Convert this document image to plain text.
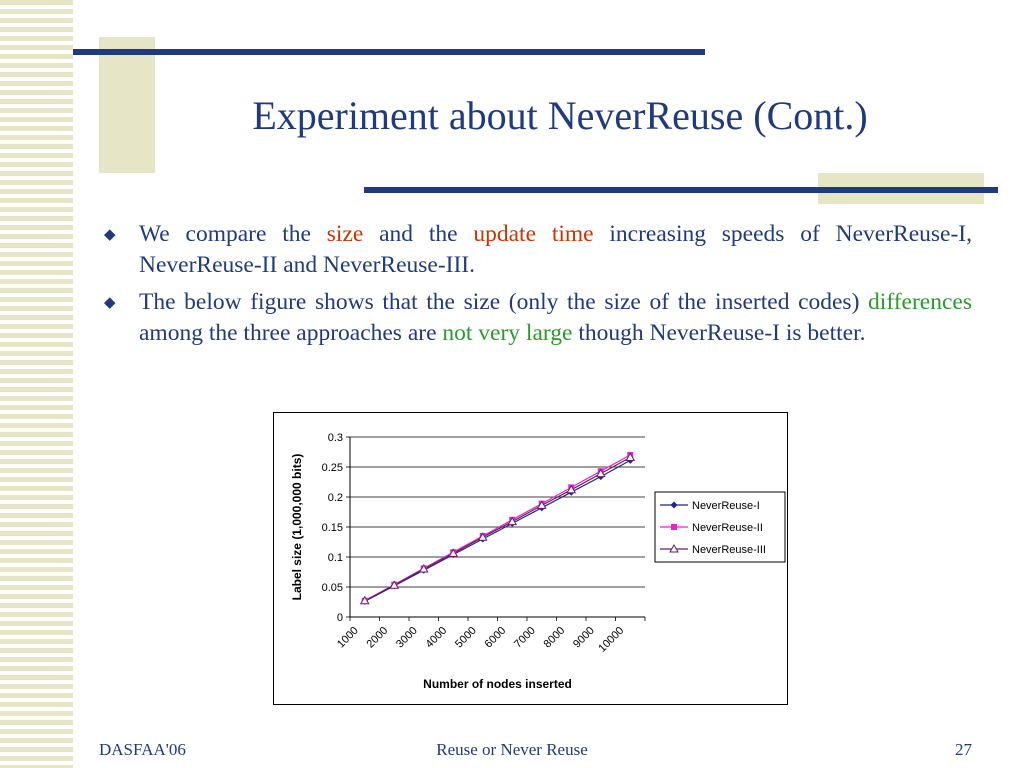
Experiment about NeverReuse (Cont.)
◆ We compare the size and the update time increasing speeds of NeverReuse-I, NeverReuse-II and NeverReuse-III.
◆ The below figure shows that the size (only the size of the inserted codes) differences among the three approaches are not very large though NeverReuse-I is better.
0
0.05
0.1
0.15
0.2
0.25
0.3
1000 2000 3000 4000 5000 6000 7000 8000 9000 10000
Number of nodes inserted
Label size (1,000,000 bits)	NeverReuse-I
NeverReuse-II
NeverReuse-III
DASFAA'06	Reuse or Never Reuse	27
